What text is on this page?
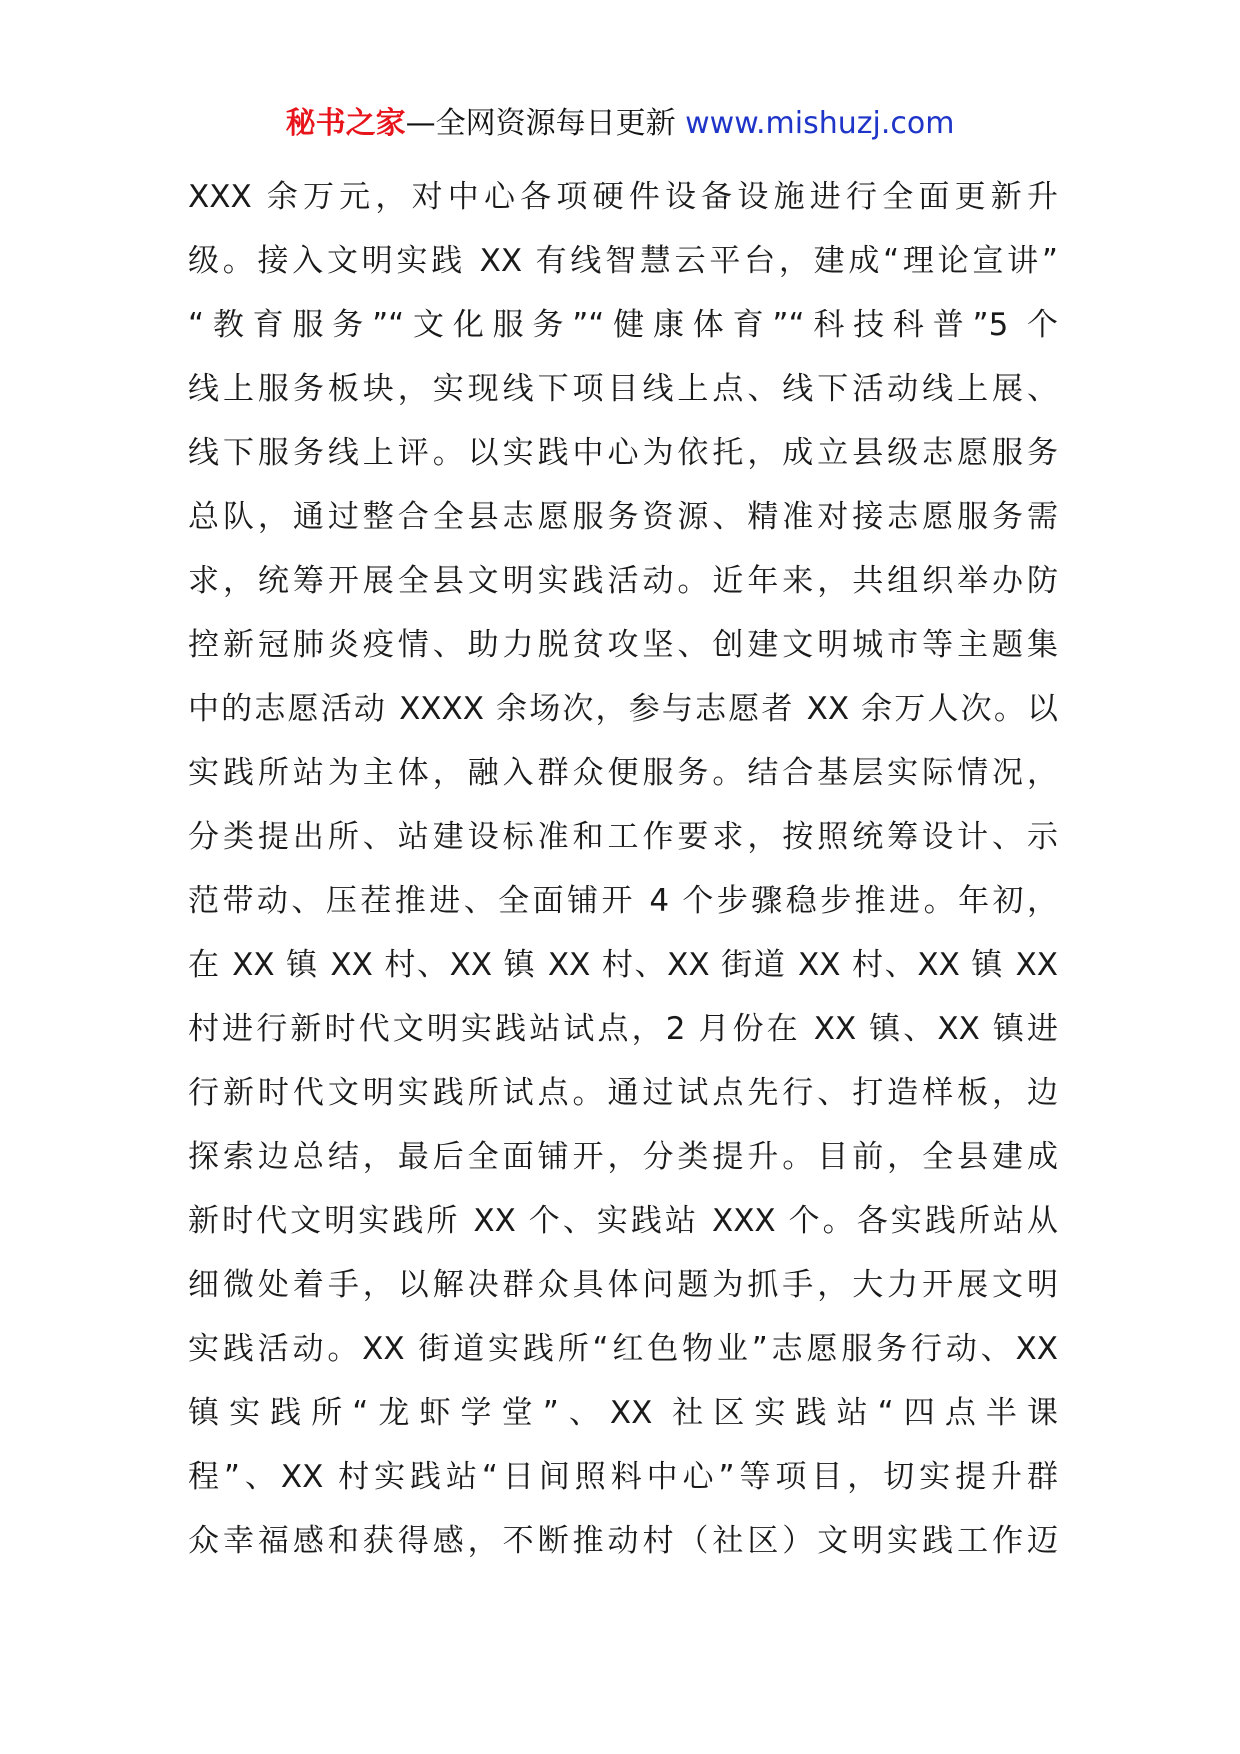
秘书之家—全网资源每日更新 www.mishuzj.com
XXX 余万元，对中心各项硬件设备设施进行全面更新升
级。接入文明实践 XX 有线智慧云平台，建成“理论宣讲”
“教育服务”“文化服务”“健康体育”“科技科普”5 个
线上服务板块，实现线下项目线上点、线下活动线上展、
线下服务线上评。以实践中心为依托，成立县级志愿服务
总队，通过整合全县志愿服务资源、精准对接志愿服务需
求，统筹开展全县文明实践活动。近年来，共组织举办防
控新冠肺炎疫情、助力脱贫攻坚、创建文明城市等主题集
中的志愿活动 XXXX 余场次，参与志愿者 XX 余万人次。以
实践所站为主体，融入群众便服务。结合基层实际情况，
分类提出所、站建设标准和工作要求，按照统筹设计、示
范带动、压茬推进、全面铺开 4 个步骤稳步推进。年初，
在 XX 镇 XX 村、XX 镇 XX 村、XX 街道 XX 村、XX 镇 XX
村进行新时代文明实践站试点，2 月份在 XX 镇、XX 镇进
行新时代文明实践所试点。通过试点先行、打造样板，边
探索边总结，最后全面铺开，分类提升。目前，全县建成
新时代文明实践所 XX 个、实践站 XXX 个。各实践所站从
细微处着手，以解决群众具体问题为抓手，大力开展文明
实践活动。XX 街道实践所“红色物业”志愿服务行动、XX
镇实践所“龙虾学堂”、XX 社区实践站“四点半课
程”、XX 村实践站“日间照料中心”等项目，切实提升群
众幸福感和获得感，不断推动村（社区）文明实践工作迈
